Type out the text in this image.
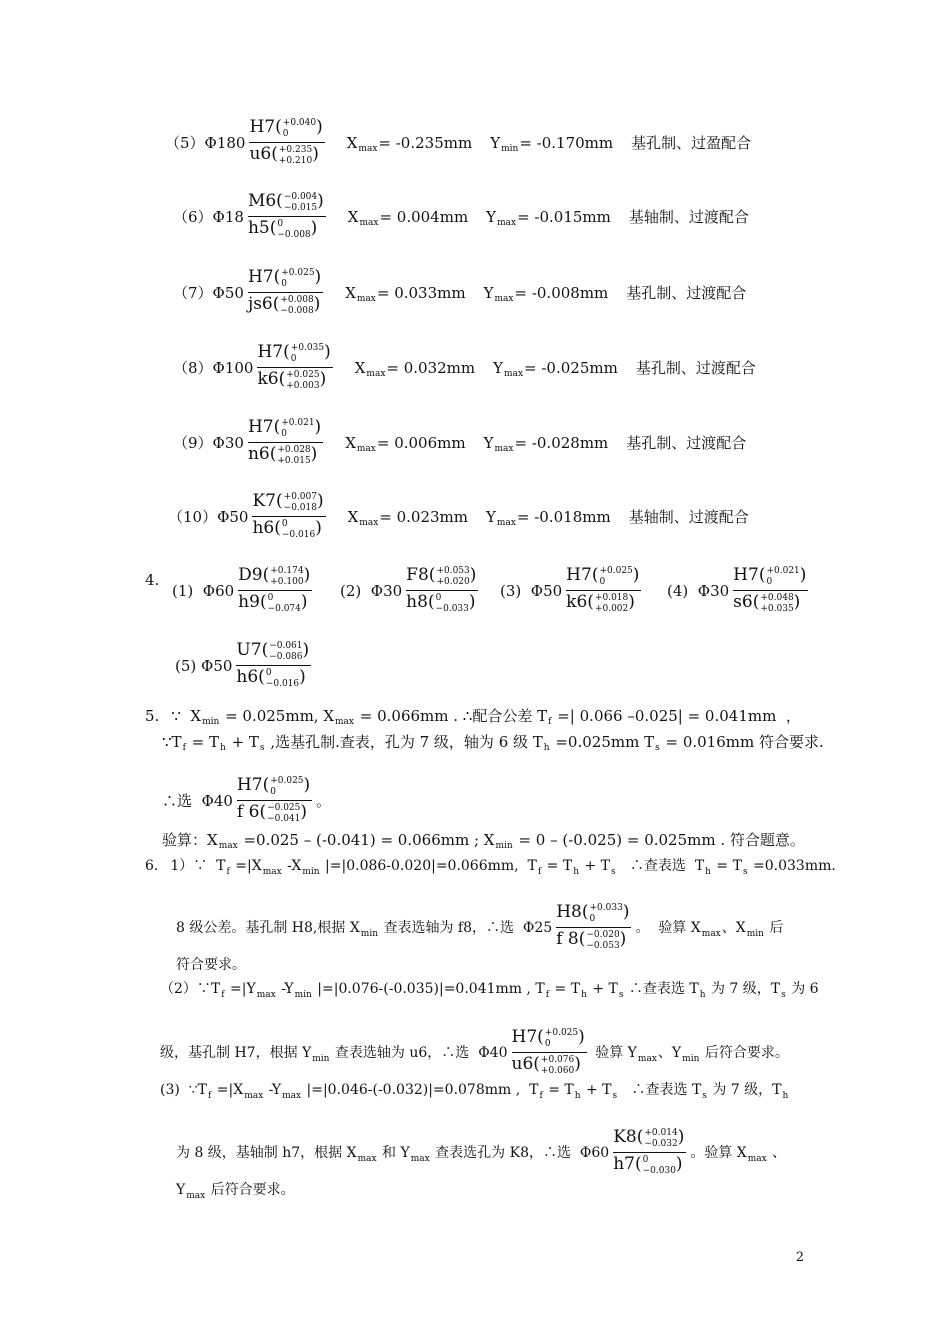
（5）Φ180 H7 ( +0.040
0	)
u6 ( +0.235
+0.210 ) X max = -0.235mm Y min = -0.170mm 基孔制、过盈配合
（6）Φ18 M6 ( −0.004
−0.015 )
h5 ( 0
−0.008 ) X max = 0.004mm Y max = -0.015mm 基轴制、过渡配合
（7）Φ50 H7 ( +0.025
0	)
js6 ( +0.008
−0.008 ) X max = 0.033mm Y max = -0.008mm 基孔制、过渡配合
（8）Φ100 H7 ( +0.035
0	)
k6 ( +0.025
+0.003 ) X max = 0.032mm Y max = -0.025mm 基孔制、过渡配合
（9）Φ30 H7 ( +0.021
0	)
n6 ( +0.028
+0.015 ) X max = 0.006mm Y max = -0.028mm 基孔制、过渡配合
（10）Φ50 K7 ( +0.007
−0.018 )
h6 ( 0
−0.016 ) X max = 0.023mm Y max = -0.018mm 基轴制、过渡配合
4.
(1)  Φ60 D9 ( +0.174
+0.100 )
h9 ( 0
−0.074 ) (2)  Φ30 F8 ( +0.053
+0.020 )
h8 ( 0
−0.033 ) (3)  Φ50 H7 ( +0.025
0	)
k6 ( +0.018
+0.002 ) (4)  Φ30 H7 ( +0.021
0	)
s6 ( +0.048
+0.035 )
(5) Φ50 U7 ( −0.061
−0.086 )
h6 ( 0
−0.016 )
5. ∵  X min = 0.025mm, X max = 0.066mm . ∴配合公差 T f =| 0.066 –0.025| = 0.041mm  ，
∵T f = T h + T s ,选基孔制.查表，孔为 7 级，轴为 6 级 T h =0.025mm T s = 0.016mm 符合要求.
∴选  Φ40 H7 ( +0.025
0	)
f 6 ( −0.025
−0.041 ) 。
验算：X max =0.025 – (-0.041) = 0.066mm ; X min = 0 – (-0.025) = 0.025mm . 符合题意。
6. 1）∵  T f =|X max -X min |=|0.086-0.020|=0.066mm,  T f = T h + T s ∴查表选  T h = T s =0.033mm.
8 级公差。基孔制 H8,根据 X min 查表选轴为 f8，∴选  Φ25 H8 ( +0.033
0	)
f 8 ( −0.020
−0.053 ) 。  验算 X max 、X min 后
符合要求。
（2）∵T f =|Y max -Y min |=|0.076-(-0.035)|=0.041mm , T f = T h + T s ∴查表选 T h 为 7 级，T s 为 6
级，基孔制 H7，根据 Y min 查表选轴为 u6，∴选  Φ40 H7 ( +0.025
0	)
u6 ( +0.076
+0.060 ) 验算 Y max 、Y min 后符合要求。
(3)  ∵T f =|X max -Y max |=|0.046-(-0.032)|=0.078mm ,  T f = T h + T s ∴查表选 T s 为 7 级，T h
为 8 级，基轴制 h7，根据 X max 和 Y max 查表选孔为 K8，∴选  Φ60 K8 ( +0.014
−0.032 )
h7 ( 0
−0.030 ) 。验算 X max 、
Y max 后符合要求。
2
